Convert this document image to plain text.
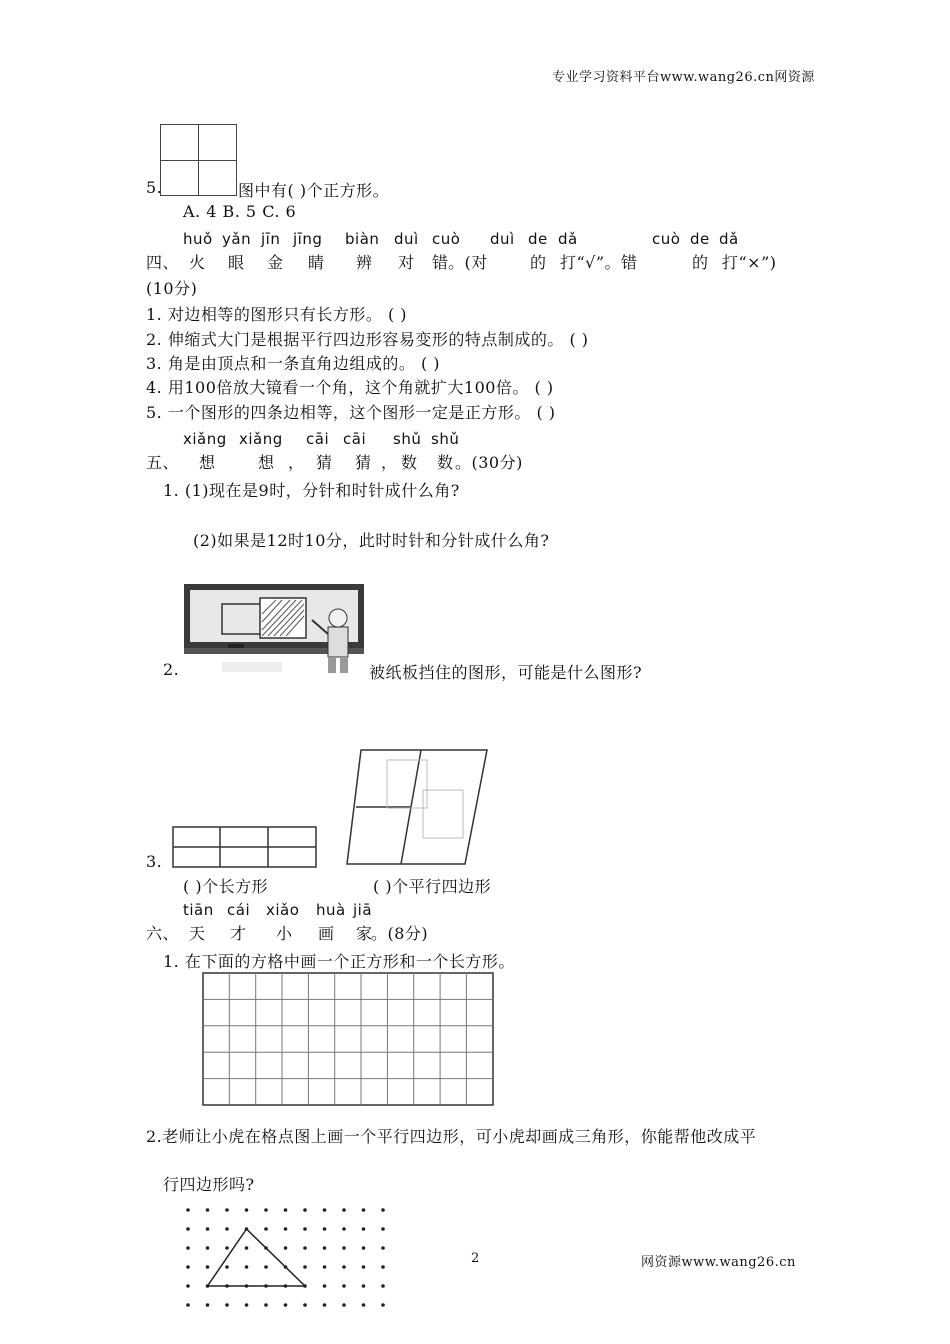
专业学习资料平台www.wang26.cn网资源
5.	图中有( )个正方形。
A. 4 B. 5 C. 6
huǒ yǎn jīn jīng biàn duì cuò duì de dǎ	cuò de dǎ
四、 火 眼 金 睛 辨 对 错 。(对	的 打“√”。错	的 打“×”)
(10分)
1. 对边相等的图形只有长方形。 ( )
2. 伸缩式大门是根据平行四边形容易变形的特点制成的。 ( )
3. 角是由顶点和一条直角边组成的。 ( )
4. 用100倍放大镜看一个角，这个角就扩大100倍。 ( )
5. 一个图形的四条边相等，这个图形一定是正方形。 ( )
xiǎng xiǎng cāi cāi shǔ shǔ
五、 想	想 ， 猜 猜 ， 数 数 。(30分)
1. (1)现在是9时，分针和时针成什么角?
(2)如果是12时10分，此时时针和分针成什么角?
2.	被纸板挡住的图形，可能是什么图形?
3.
( )个长方形	( )个平行四边形
tiān cái xiǎo huà jiā
六、 天 才 小 画 家
。(8分)
1. 在下面的方格中画一个正方形和一个长方形。
2.老师让小虎在格点图上画一个平行四边形，可小虎却画成三角形，你能帮他改成平
行四边形吗?
2	网资源www.wang26.cn
